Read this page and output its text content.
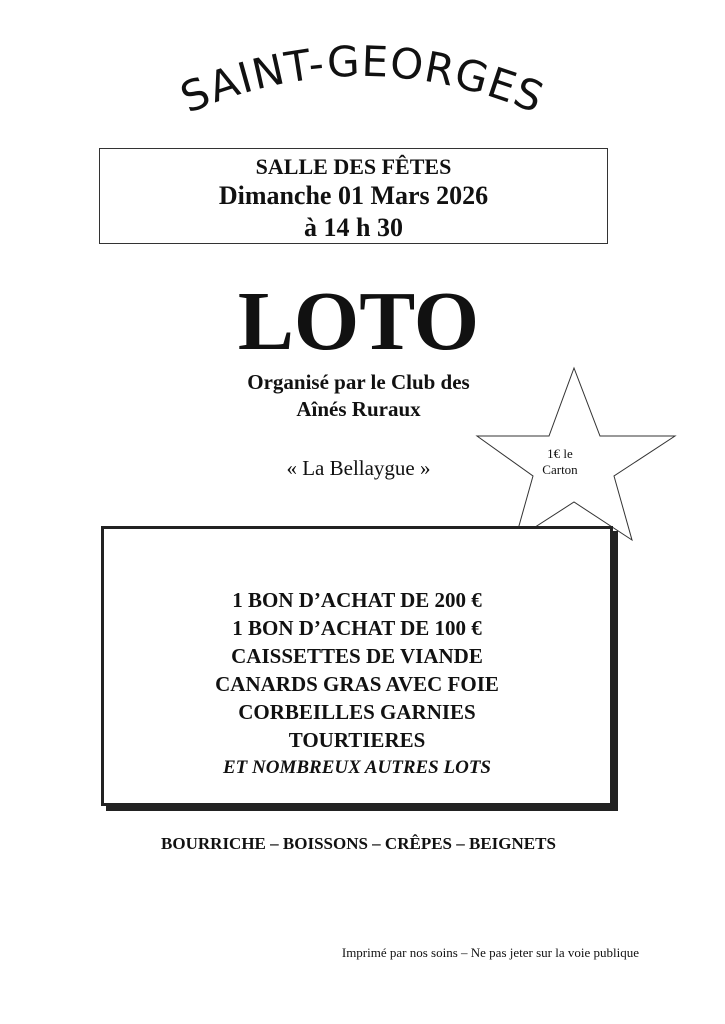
SAINT-GEORGES
SALLE DES FÊTES
Dimanche 01 Mars 2026
à 14 h 30
LOTO
Organisé par le Club des
Aînés Ruraux
« La Bellaygue »
1€ le
Carton
1 BON D’ACHAT DE 200 €
1 BON D’ACHAT DE 100 €
CAISSETTES DE VIANDE
CANARDS GRAS AVEC FOIE
CORBEILLES GARNIES
TOURTIERES
ET NOMBREUX AUTRES LOTS
BOURRICHE – BOISSONS – CRÊPES – BEIGNETS
Imprimé par nos soins – Ne pas jeter sur la voie publique
